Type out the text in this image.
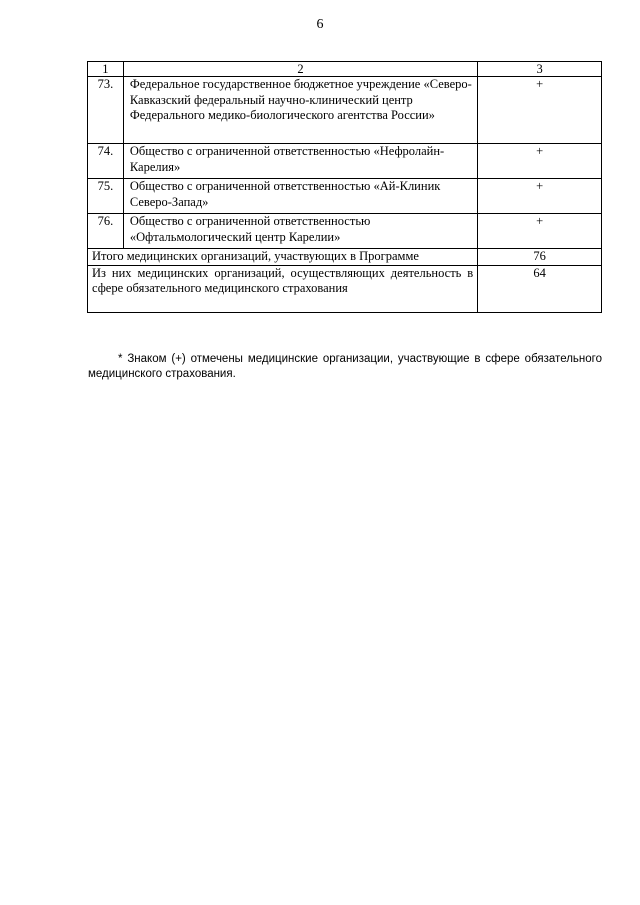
6
1	2	3
73.	Федеральное государственное бюджетное учреждение «Северо-Кавказский федеральный научно-клинический центр Федерального медико-биологического агентства России»	+
74.	Общество с ограниченной ответственностью «Нефролайн-Карелия»	+
75.	Общество с ограниченной ответственностью «Ай-Клиник Северо-Запад»	+
76.	Общество с ограниченной ответственностью «Офтальмологический центр Карелии»	+
Итого медицинских организаций, участвующих в Программе		76
Из них медицинских организаций, осуществляющих деятельность в сфере обязательного медицинского страхования		64
* Знаком (+) отмечены медицинские организации, участвующие в сфере обязательного медицинского страхования.
